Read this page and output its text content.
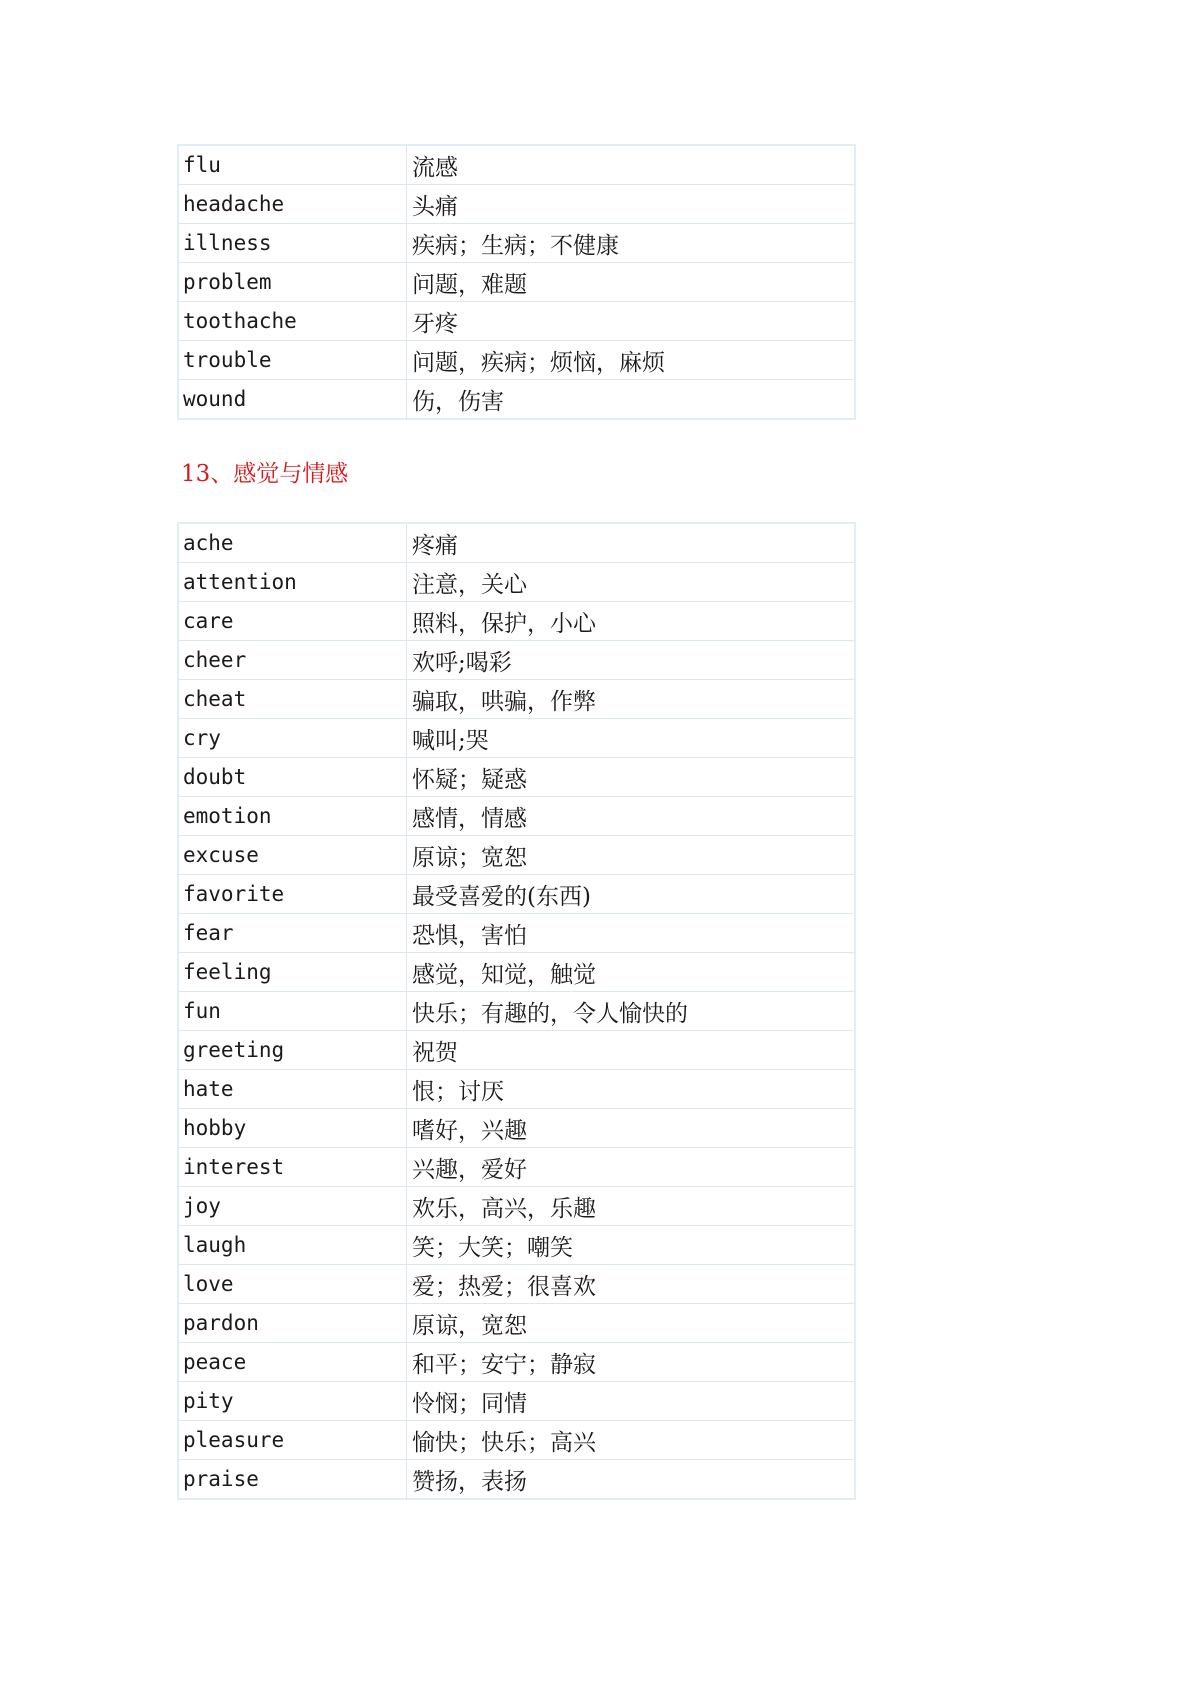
flu	流感
headache	头痛
illness	疾病；生病；不健康
problem	问题，难题
toothache	牙疼
trouble	问题，疾病；烦恼，麻烦
wound	伤，伤害
13、感觉与情感
ache	疼痛
attention	注意，关心
care	照料，保护，小心
cheer	欢呼;喝彩
cheat	骗取，哄骗，作弊
cry	喊叫;哭
doubt	怀疑；疑惑
emotion	感情，情感
excuse	原谅；宽恕
favorite	最受喜爱的(东西)
fear	恐惧，害怕
feeling	感觉，知觉，触觉
fun	快乐；有趣的，令人愉快的
greeting	祝贺
hate	恨；讨厌
hobby	嗜好，兴趣
interest	兴趣，爱好
joy	欢乐，高兴，乐趣
laugh	笑；大笑；嘲笑
love	爱；热爱；很喜欢
pardon	原谅，宽恕
peace	和平；安宁；静寂
pity	怜悯；同情
pleasure	愉快；快乐；高兴
praise	赞扬，表扬
